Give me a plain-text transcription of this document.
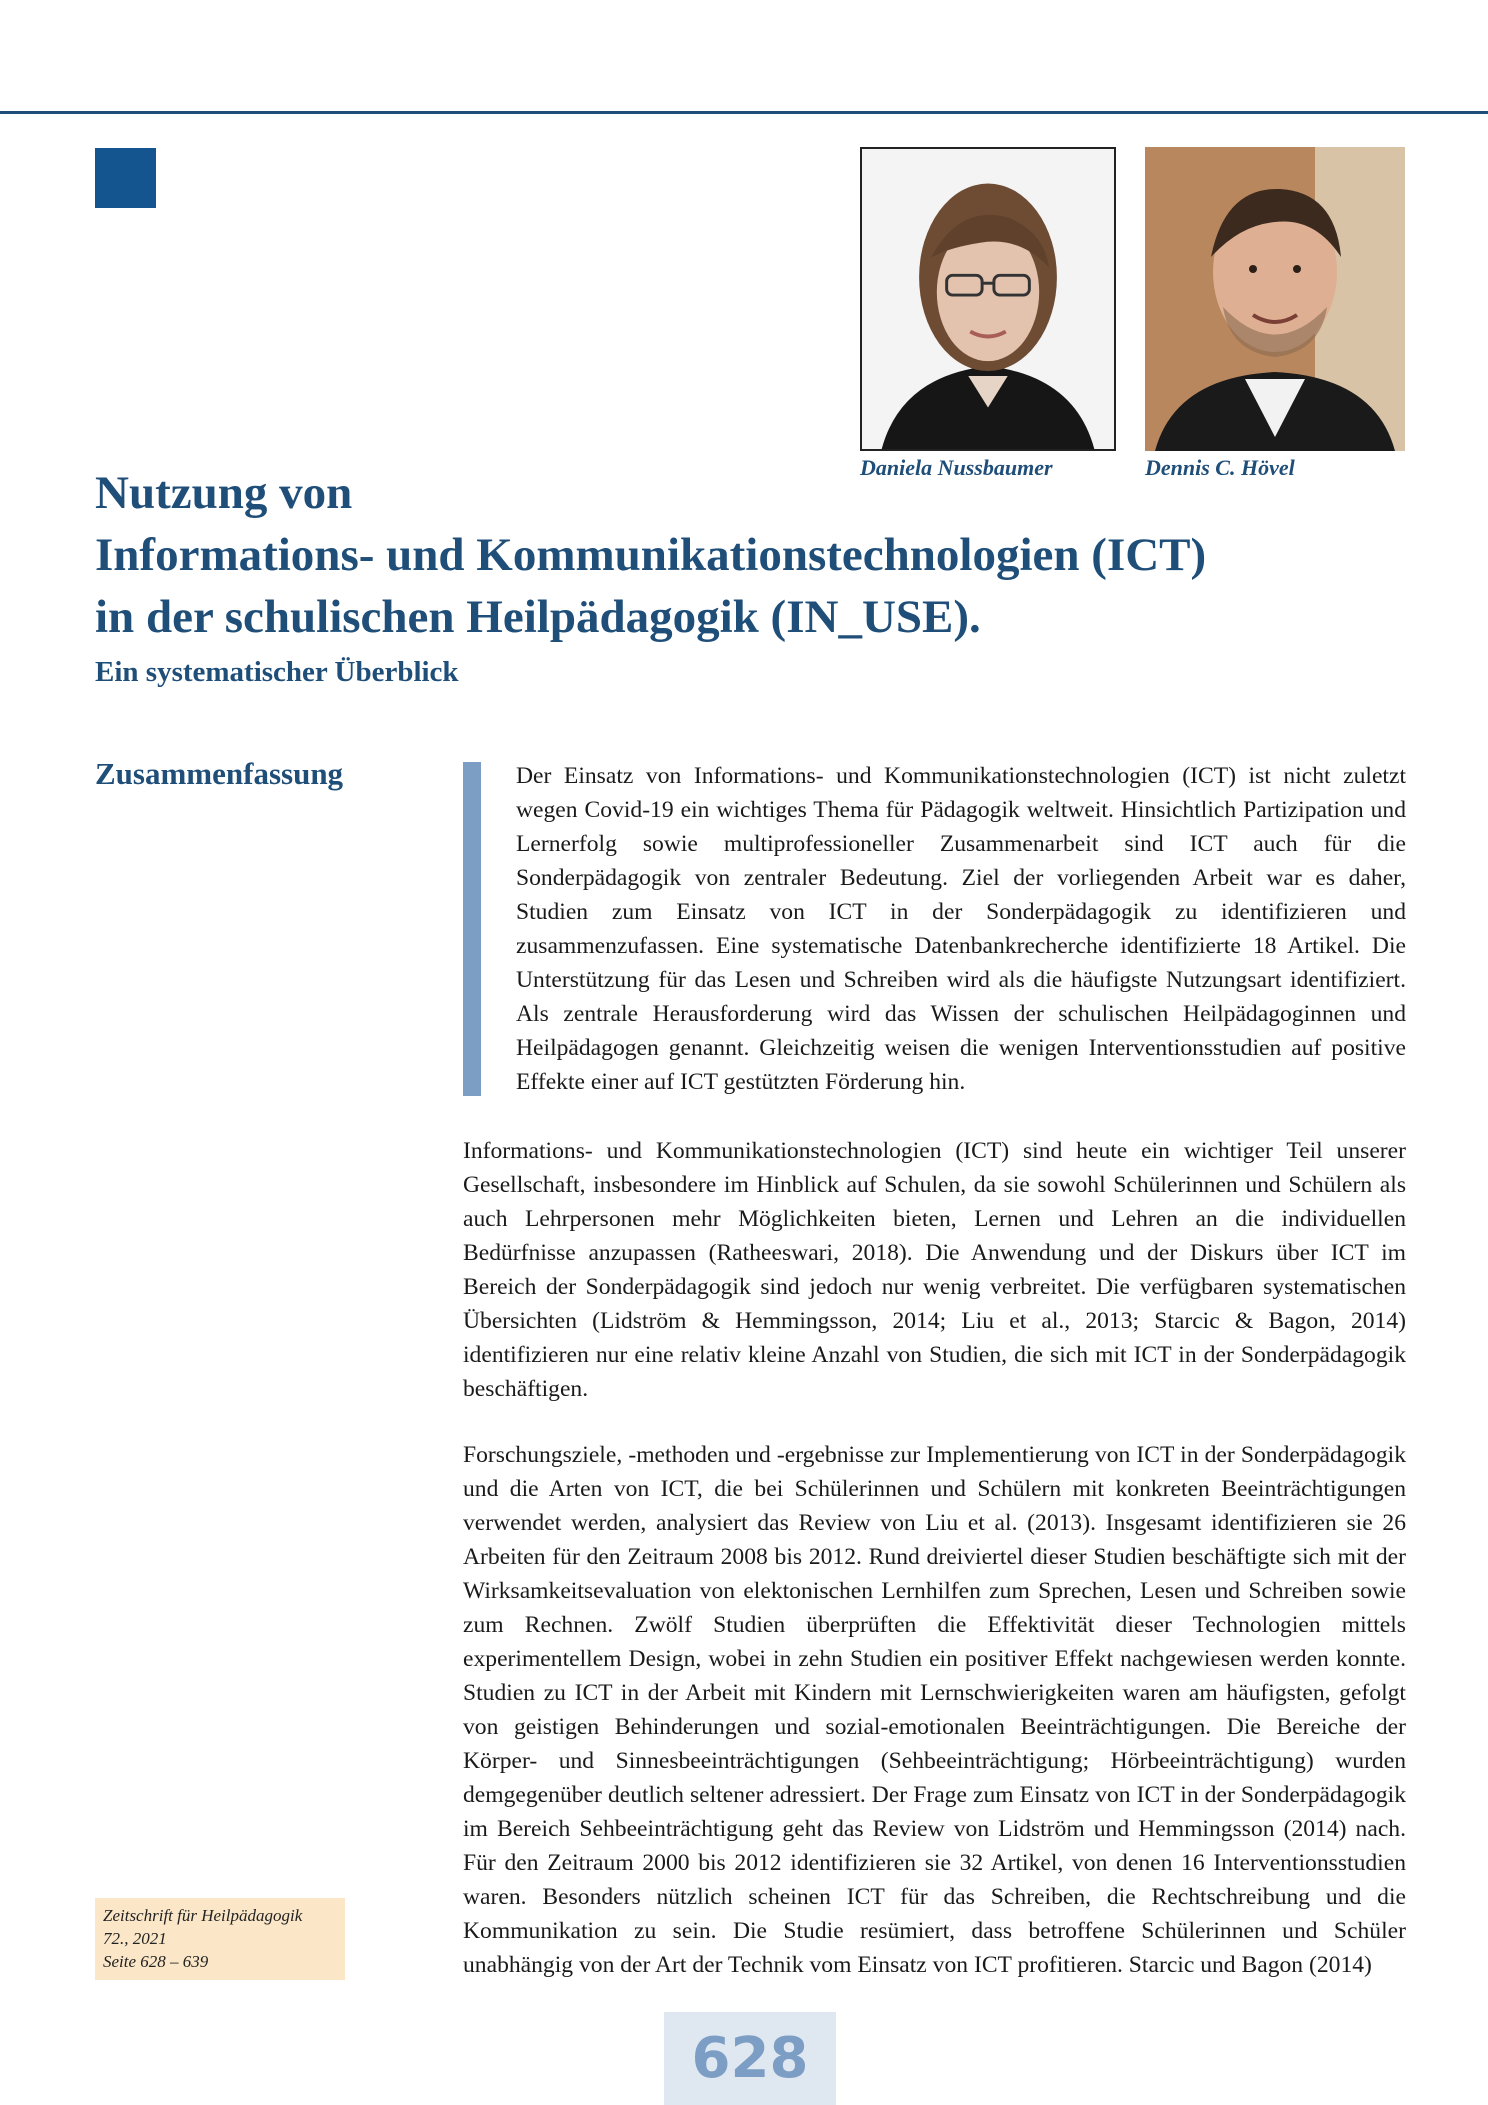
Daniela Nussbaumer	Dennis C. Hövel
Nutzung von
Informations- und Kommunikationstechnologien (ICT)
in der schulischen Heilpädagogik (IN_USE).
Ein systematischer Überblick
Zusammenfassung	Der Einsatz von Informations- und Kommunikationstechnologien (ICT) ist nicht zuletzt wegen Covid-19 ein wichtiges Thema für Pädagogik weltweit. Hinsichtlich Partizipation und Lernerfolg sowie multiprofessioneller Zusammenarbeit sind ICT auch für die Sonderpädagogik von zentraler Bedeutung. Ziel der vorliegenden Arbeit war es daher, Studien zum Einsatz von ICT in der Sonderpädagogik zu identifizieren und zusammenzufassen. Eine systematische Datenbankrecherche identifizierte 18 Artikel. Die Unterstützung für das Lesen und Schreiben wird als die häufigste Nutzungsart identifiziert. Als zentrale Herausforderung wird das Wissen der schulischen Heilpädagoginnen und Heilpädagogen genannt. Gleichzeitig weisen die wenigen Interventionsstudien auf positive Effekte einer auf ICT gestützten Förderung hin.

Informations- und Kommunikationstechnologien (ICT) sind heute ein wichtiger Teil unserer Gesellschaft, insbesondere im Hinblick auf Schulen, da sie sowohl Schülerinnen und Schülern als auch Lehrpersonen mehr Möglichkeiten bieten, Lernen und Lehren an die individuellen Bedürfnisse anzupassen (Ratheeswari, 2018). Die Anwendung und der Diskurs über ICT im Bereich der Sonderpädagogik sind jedoch nur wenig verbreitet. Die verfügbaren systematischen Übersichten (Lidström & Hemmingsson, 2014; Liu et al., 2013; Starcic & Bagon, 2014) identifizieren nur eine relativ kleine Anzahl von Studien, die sich mit ICT in der Sonderpädagogik beschäftigen.

Forschungsziele, -methoden und -ergebnisse zur Implementierung von ICT in der Sonderpädagogik und die Arten von ICT, die bei Schülerinnen und Schülern mit konkreten Beeinträchtigungen verwendet werden, analysiert das Review von Liu et al. (2013). Insgesamt identifizieren sie 26 Arbeiten für den Zeitraum 2008 bis 2012. Rund dreiviertel dieser Studien beschäftigte sich mit der Wirksamkeitsevaluation von elektonischen Lernhilfen zum Sprechen, Lesen und Schreiben sowie zum Rechnen. Zwölf Studien überprüften die Effektivität dieser Technologien mittels experimentellem Design, wobei in zehn Studien ein positiver Effekt nachgewiesen werden konnte. Studien zu ICT in der Arbeit mit Kindern mit Lernschwierigkeiten waren am häufigsten, gefolgt von geistigen Behinderungen und sozial-emotionalen Beeinträchtigungen. Die Bereiche der Körper- und Sinnesbeeinträchtigungen (Sehbeeinträchtigung; Hörbeeinträchtigung) wurden demgegenüber deutlich seltener adressiert. Der Frage zum Einsatz von ICT in der Sonderpädagogik im Bereich Sehbeeinträchtigung geht das Review von Lidström und Hemmingsson (2014) nach. Für den Zeitraum 2000 bis 2012 identifizieren sie 32 Artikel, von denen 16 Interventionsstudien waren. Besonders nützlich scheinen ICT für das Schreiben, die Rechtschreibung und die Kommunikation zu sein. Die Studie resümiert, dass betroffene Schülerinnen und Schüler unabhängig von der Art der Technik vom Einsatz von ICT profitieren. Starcic und Bagon (2014)

Zeitschrift für Heilpädagogik
72., 2021
Seite 628 – 639
628
